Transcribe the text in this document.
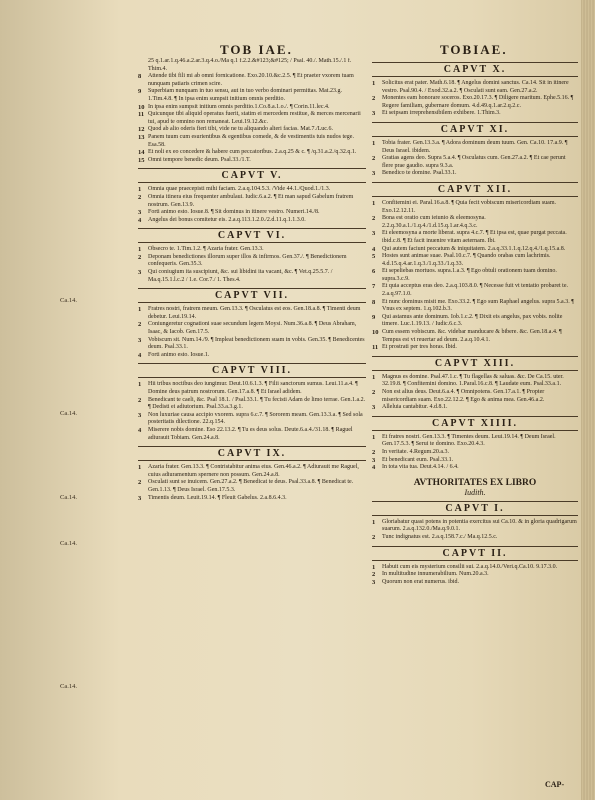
TOB IAE.	TOBIAE.
Ca.14.
Ca.14.
Ca.14.
Ca.14.
Ca.14.
25 q.1.ar.1.q.46.a.2.ar.3.q.4.o./Ma q.1 f.2.2.&#123;&#125; / Psal. 40./. Math.15./.1 f. Thim.4.
8	Attende tibi fili mi ab omni fornicatione. Exo.20.10.&c.2.5. ¶ Et praeter vxorem tuam nunquam patiaris crimen scire.
9	Superbiam nunquam in tuo sensu, aut in tuo verbo dominari permittas. Mat.23.g. 1.Tim.4.8. ¶ In ipsa enim sumpsit initium omnis perditio.
10 In ipsa enim sumpsit initium omnis perditio.1.Co.8.a.1.o./. ¶ Corin.11.lec.4.
11 Quicunque tibi aliquid operatus fuerit, statim ei mercedem restitue, & merces mercenarii tui, apud te omnino non remaneat. Leui.19.12.&c.
12 Quod ab alio oderis fieri tibi, vide ne tu aliquando alteri facias. Mat.7./Luc.6.
13 Panem tuum cum esurientibus & egentibus comede, & de vestimentis tuis nudos tege. Esa.58.
14 Et noli ex eo concedere & habere cum peccatoribus. 2.a.q.25 & c. ¶ /q.31.a.2./q.32.q.1.
15 Omni tempore benedic deum. Psal.33./1.T.
CAPVT V.
1	Omnia quae praecepisti mihi faciam. 2.a.q.104.5.3. /Vide 44.1./Quod.1./1.3.
2	Omnia itinera eius frequenter ambulaui. Iudic.6.a.2. ¶ Et man sapud Gabelum fratrem nostrum. Gen.13.9.
3	Forti animo esto. Iosue.8. ¶ Sit dominus in itinere vestro. Numeri.14./8.
4	Angelus dei bonus comitetur eis. 2.a.q.113.1.2.0./2.d.11.q.1.1.3.0.
CAPVT VI.
1	Obsecro te. 1.Tim.1.2. ¶ Azaria frater. Gen.13.3.
2	Deponam benedictiones illorum super illos & infirmos. Gen.37./. ¶ Benedictionem confequeris. Gen.35.3.
3	Qui coniugium ita suscipiunt, &c. sui libidini ita vacant, &c. ¶ Vet.q.25.5.7. / Ma.q.15.1.l.c.2 / 1.e. Cor.7./ 1. Thes.4.
CAPVT VII.
1	Fratres nostri, fratrem meum. Gen.13.3. ¶ Osculatus est eos. Gen.18.a.8. ¶ Timenti deum debetur. Leui.19.14.
2	Coniungeretur cognationi suae secundum legem Moysi. Num.36.a.8. ¶ Deus Abraham, Isaac, & Iacob. Gen.17.5.
3	Vobiscum sit. Num.14./9. ¶ Impleat benedictionem suam in vobis. Gen.35. ¶ Benedicentes deum. Psal.33.1.
4	Forti animo esto. Iosue.1.
CAPVT VIII.
1	Hii tribus noctibus deo iungimur. Deut.10.6.1.3. ¶ Filii sanctorum sumus. Leui.11.a.4. ¶ Domine deus patrum nostrorum. Gen.17.a.8. ¶ Et Israel adidem.
2	Benedicant te caeli, &c. Psal 18.1. / Psal.33.1. ¶ Tu fecisti Adam de limo terrae. Gen.1.a.2. ¶ Dedisti ei adiutorium. Psal.33.a.3.g.1.
3	Non luxuriae causa accipio vxorem. supra 6.c.7. ¶ Sororem meam. Gen.13.3.a. ¶ Sed sola posteritatis dilectione. 22.q.154.
4	Miserere nobis domine. Eso 22.13.2. ¶ Tu es deus solus. Deute.6.a.4./31.18. ¶ Raguel adiurauit Tobiam. Gen.24.a.8.
CAPVT IX.
1	Azaria frater. Gen.13.3. ¶ Contristabitur anima eius. Gen.46.a.2. ¶ Adiurauit me Raguel, cuius adiuramentum spernere non possum. Gen.24.a.8.
2	Osculati sunt se inuicem. Gen.27.a.2. ¶ Benedicat te deus. Psal.33.a.8. ¶ Benedicat te. Gen.1.13. ¶ Deus Israel. Gen.17.5.3.
3	Timentis deum. Leuit.19.14. ¶ Fleuit Gabelus. 2.a.8.6.4.3.
CAPVT X.
1	Solicitus erat pater. Math.6.18. ¶ Angelus domini sanctus. Ca.14. Sit in itinere vestro. Psal.90.4. / Exod.32.a.2. ¶ Osculati sunt eam. Gen.27.a.2.
2	Monentes eam honorare soceros. Exo.20.17.3. ¶ Diligere maritum. Ephe.5.16. ¶ Regere familiam, gubernare domum. 4.d.49.q.1.ar.2.q.2.c.
3	Et seipsam irreprehensibilem exhibere. 1.Thim.3.
CAPVT XI.
1	Tobia frater. Gen.13.3.a. ¶ Adora dominum deum tuum. Gen. Ca.10. 17.a.9. ¶ Deus Israel. ibidem.
2	Gratias agens deo. Supra 5.a.4. ¶ Osculatus cum. Gen.27.a.2. ¶ Et cae perunt flere prae gaudio. supra 9.3.a.
3	Benedico te domine. Psal.33.1.
CAPVT XII.
1	Confitemini ei. Paral.16.a.8. ¶ Quia fecit vobiscum misericordiam suam. Exo.12.12.11.
2	Bona est oratio cum ieiunio & eleemosyna. 2.2.q.30.a.1./1.q.4./1.d.15.q.1.ar.4.q.3.c.
3	Et eleemosyna a morte liberat. supra 4.c.7. ¶ Et ipsa est, quae purgat peccata. ibid.c.8. ¶ Et facit inuenire vitam aeternam. Ibi.
4	Qui autem faciunt peccatum & iniquitatem. 2.a.q.33.1.1.q.12.q.4./1.q.15.a.8.
5	Hostes sunt animae suae. Psal.10.c.7. ¶ Quando orabas cum lachrimis. 4.d.15.q.4.ar.1.q.3./1.q.33./1.q.33.
6	Et sepeliebas mortuos. supra.1.a.3. ¶ Ego obtuli orationem tuam domino. supra.3.c.9.
7	Et quia acceptus eras deo. 2.a.q.103.8.0. ¶ Necesse fuit vt tentatio probaret te. 2.a.q.97.1.0.
8	Et nunc dominus misit me. Exo.33.2. ¶ Ego sum Raphael angelus. supra 5.a.3. ¶ Vnus ex septem. 1.q.102.b.3.
9	Qui astamus ante dominum. Iob.1.c.2. ¶ Dixit eis angelus, pax vobis. nolite timere. Luc.1.19.13. / Iudic.6.c.3.
10 Cum essem vobiscum. &c. videbar manducare & bibere. &c. Gen.18.a.4. ¶ Tempus est vt reuertar ad deum. 2.a.q.10.4.1.
11 Et prostrati per tres horas. Ibid.
CAPVT XIII.
1	Magnus es domine. Psal.47.1.c. ¶ Tu flagellas & saluas. &c. De Ca.15. uter. 32.19.8. ¶ Confitemini domino. 1.Paral.16.c.8. ¶ Laudate eum. Psal.33.a.1.
2	Non est alius deus. Deut.6.a.4. ¶ Omnipotens. Gen.17.a.1. ¶ Propter misericordiam suam. Exo.22.12.2. ¶ Ego & anima mea. Gen.46.a.2.
3	Alleluia cantabitur. 4.d.8.1.
CAPVT XIIII.
1	Et fratres nostri. Gen.13.3. ¶ Timentes deum. Leui.19.14. ¶ Deum Israel. Gen.17.5.3. ¶ Serui te domino. Exo.20.4.3.
2	In veritate. 4.Regum.20.a.3.
3	Et benedicant eum. Psal.33.1.
4	In tota vita tua. Deut.4.14. / 6.4.
AVTHORITATES EX LIBRO
Iudith.
CAPVT I.
1	Gloriabatur quasi potens in potentia exercitus sui Ca.10. & in gloria quadrigarum suarum. 2.a.q.132.0./Ma.q.9.0.1.
2	Tunc indignatus est. 2.a.q.158.7.c./ Ma.q.12.5.c.
CAPVT II.
1	Habuit cum eis mysterium consilii sui. 2.a.q.14.0./Veri.q.Ca.10. 9.17.3.0.
2	In multitudine innumerabilium. Num.20.a.3.
3	Quorum non erat numerus. ibid.
CAP-
